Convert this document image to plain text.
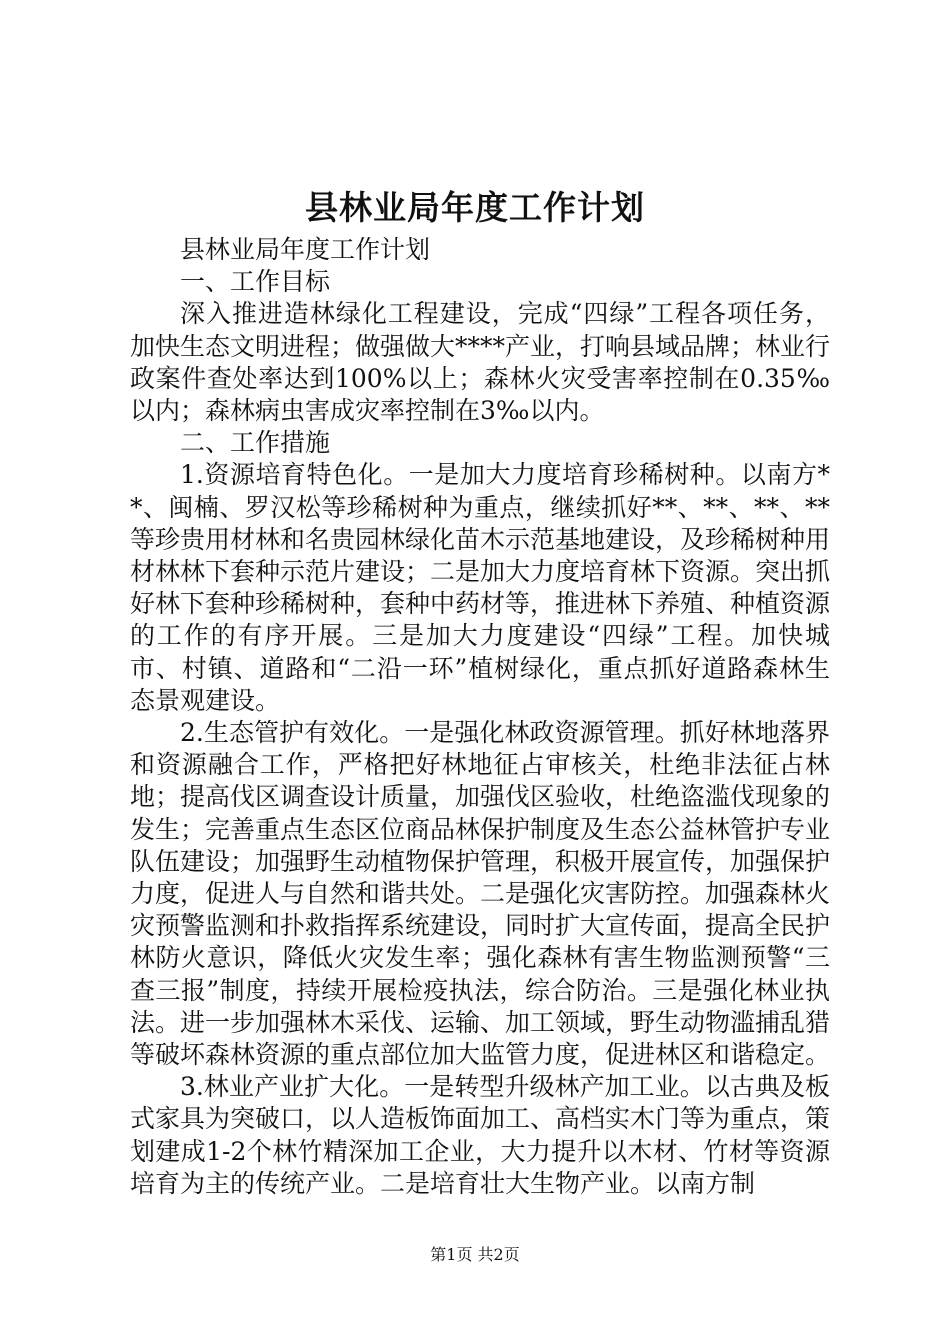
县林业局年度工作计划

县林业局年度工作计划

一、工作目标

深入推进造林绿化工程建设，完成“四绿”工程各项任务，加快生态文明进程；做强做大****产业，打响县域品牌；林业行政案件查处率达到100%以上；森林火灾受害率控制在0.35‰以内；森林病虫害成灾率控制在3‰以内。

二、工作措施

1.资源培育特色化。一是加大力度培育珍稀树种。以南方**、闽楠、罗汉松等珍稀树种为重点，继续抓好**、**、**、**等珍贵用材林和名贵园林绿化苗木示范基地建设，及珍稀树种用材林林下套种示范片建设；二是加大力度培育林下资源。突出抓好林下套种珍稀树种，套种中药材等，推进林下养殖、种植资源的工作的有序开展。三是加大力度建设“四绿”工程。加快城市、村镇、道路和“二沿一环”植树绿化，重点抓好道路森林生态景观建设。

2.生态管护有效化。一是强化林政资源管理。抓好林地落界和资源融合工作，严格把好林地征占审核关，杜绝非法征占林地；提高伐区调查设计质量，加强伐区验收，杜绝盗滥伐现象的发生；完善重点生态区位商品林保护制度及生态公益林管护专业队伍建设；加强野生动植物保护管理，积极开展宣传，加强保护力度，促进人与自然和谐共处。二是强化灾害防控。加强森林火灾预警监测和扑救指挥系统建设，同时扩大宣传面，提高全民护林防火意识，降低火灾发生率；强化森林有害生物监测预警“三查三报”制度，持续开展检疫执法，综合防治。三是强化林业执法。进一步加强林木采伐、运输、加工领域，野生动物滥捕乱猎等破坏森林资源的重点部位加大监管力度，促进林区和谐稳定。

3.林业产业扩大化。一是转型升级林产加工业。以古典及板式家具为突破口，以人造板饰面加工、高档实木门等为重点，策划建成1-2个林竹精深加工企业，大力提升以木材、竹材等资源培育为主的传统产业。二是培育壮大生物产业。以南方制

第1页 共2页
